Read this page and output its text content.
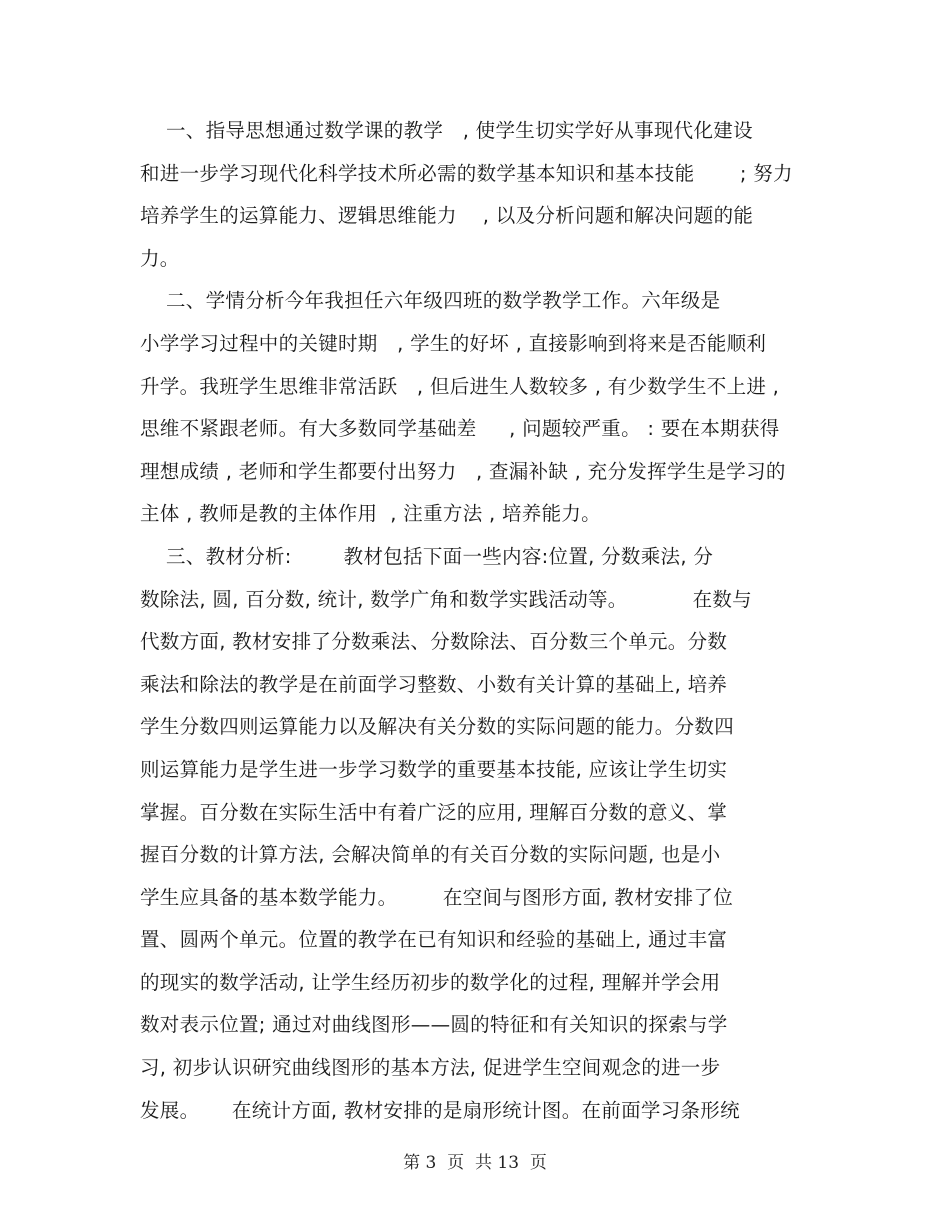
一、指导思想通过数学课的教学   , 使学生切实学好从事现代化建设
和进一步学习现代化科学技术所必需的数学基本知识和基本技能       ; 努力
培养学生的运算能力、逻辑思维能力    , 以及分析问题和解决问题的能
力。
二、学情分析今年我担任六年级四班的数学教学工作。六年级是
小学学习过程中的关键时期   , 学生的好坏 , 直接影响到将来是否能顺利
升学。我班学生思维非常活跃   , 但后进生人数较多 , 有少数学生不上进 ,
思维不紧跟老师。有大多数同学基础差     , 问题较严重。 : 要在本期获得
理想成绩 , 老师和学生都要付出努力   , 查漏补缺 , 充分发挥学生是学习的
主体 , 教师是教的主体作用  , 注重方法 , 培养能力。
三、教材分析:        教材包括下面一些内容:位置, 分数乘法, 分
数除法, 圆, 百分数, 统计, 数学广角和数学实践活动等。          在数与
代数方面, 教材安排了分数乘法、分数除法、百分数三个单元。分数
乘法和除法的教学是在前面学习整数、小数有关计算的基础上, 培养
学生分数四则运算能力以及解决有关分数的实际问题的能力。分数四
则运算能力是学生进一步学习数学的重要基本技能, 应该让学生切实
掌握。百分数在实际生活中有着广泛的应用, 理解百分数的意义、掌
握百分数的计算方法, 会解决简单的有关百分数的实际问题, 也是小
学生应具备的基本数学能力。       在空间与图形方面, 教材安排了位
置、圆两个单元。位置的教学在已有知识和经验的基础上, 通过丰富
的现实的数学活动, 让学生经历初步的数学化的过程, 理解并学会用
数对表示位置; 通过对曲线图形——圆的特征和有关知识的探索与学
习, 初步认识研究曲线图形的基本方法, 促进学生空间观念的进一步
发展。     在统计方面, 教材安排的是扇形统计图。在前面学习条形统
第 3  页  共 13  页
